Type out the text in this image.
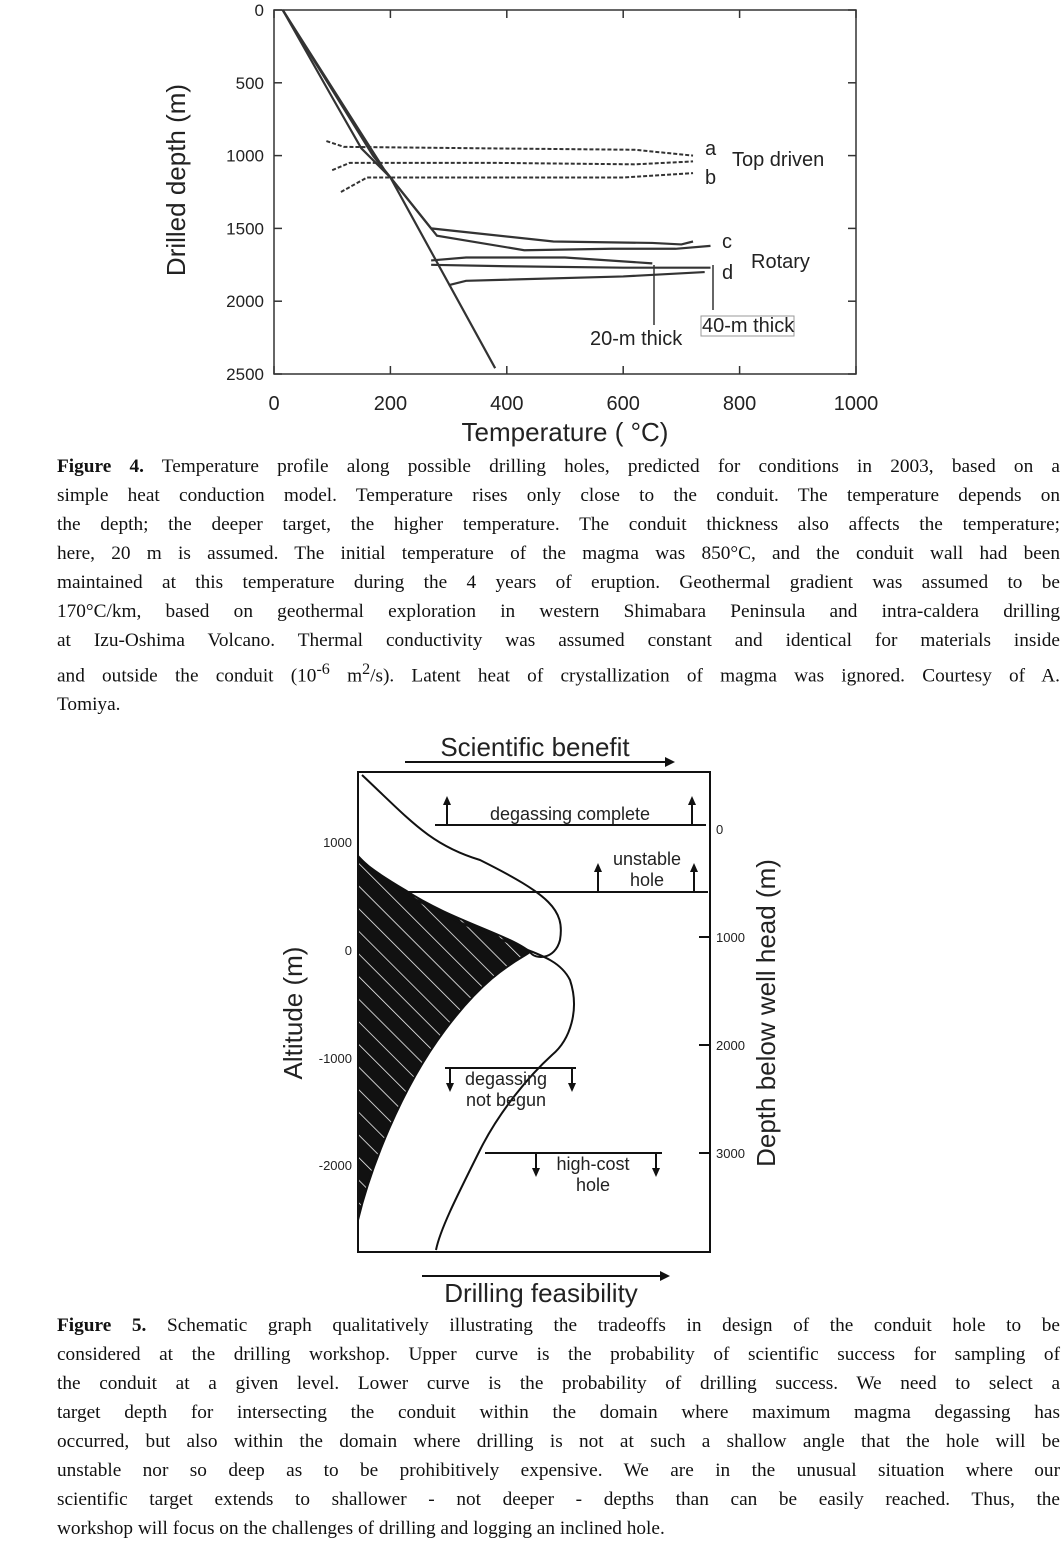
0	200	400	600	800	1000
0
500
1000
1500
2000
2500
Drilled depth (m)
Temperature ( °C)
a
b
c
d
Top driven
Rotary
20-m thick
40-m thick
Figure 4. Temperature profile along possible drilling holes, predicted for conditions in 2003, based on a
simple heat conduction model. Temperature rises only close to the conduit. The temperature depends on
the depth; the deeper target, the higher temperature. The conduit thickness also affects the temperature;
here, 20 m is assumed. The initial temperature of the magma was 850°C, and the conduit wall had been
maintained at this temperature during the 4 years of eruption. Geothermal gradient was assumed to be
170°C/km, based on geothermal exploration in western Shimabara Peninsula and intra-caldera drilling
at Izu-Oshima Volcano. Thermal conductivity was assumed constant and identical for materials inside
and outside the conduit ($10^{-6}$ $m^2/s$). Latent heat of crystallization of magma was ignored. Courtesy of A.
Tomiya.
Scientific benefit
degassing complete
unstable
hole
degassing
not begun
high-cost
hole
1000
0
-1000
-2000
0
1000
2000
3000
Altitude (m)	Depth below well head (m)
Drilling feasibility
Figure 5. Schematic graph qualitatively illustrating the tradeoffs in design of the conduit hole to be
considered at the drilling workshop. Upper curve is the probability of scientific success for sampling of
the conduit at a given level. Lower curve is the probability of drilling success. We need to select a
target depth for intersecting the conduit within the domain where maximum magma degassing has
occurred, but also within the domain where drilling is not at such a shallow angle that the hole will be
unstable nor so deep as to be prohibitively expensive. We are in the unusual situation where our
scientific target extends to shallower - not deeper - depths than can be easily reached. Thus, the
workshop will focus on the challenges of drilling and logging an inclined hole.
